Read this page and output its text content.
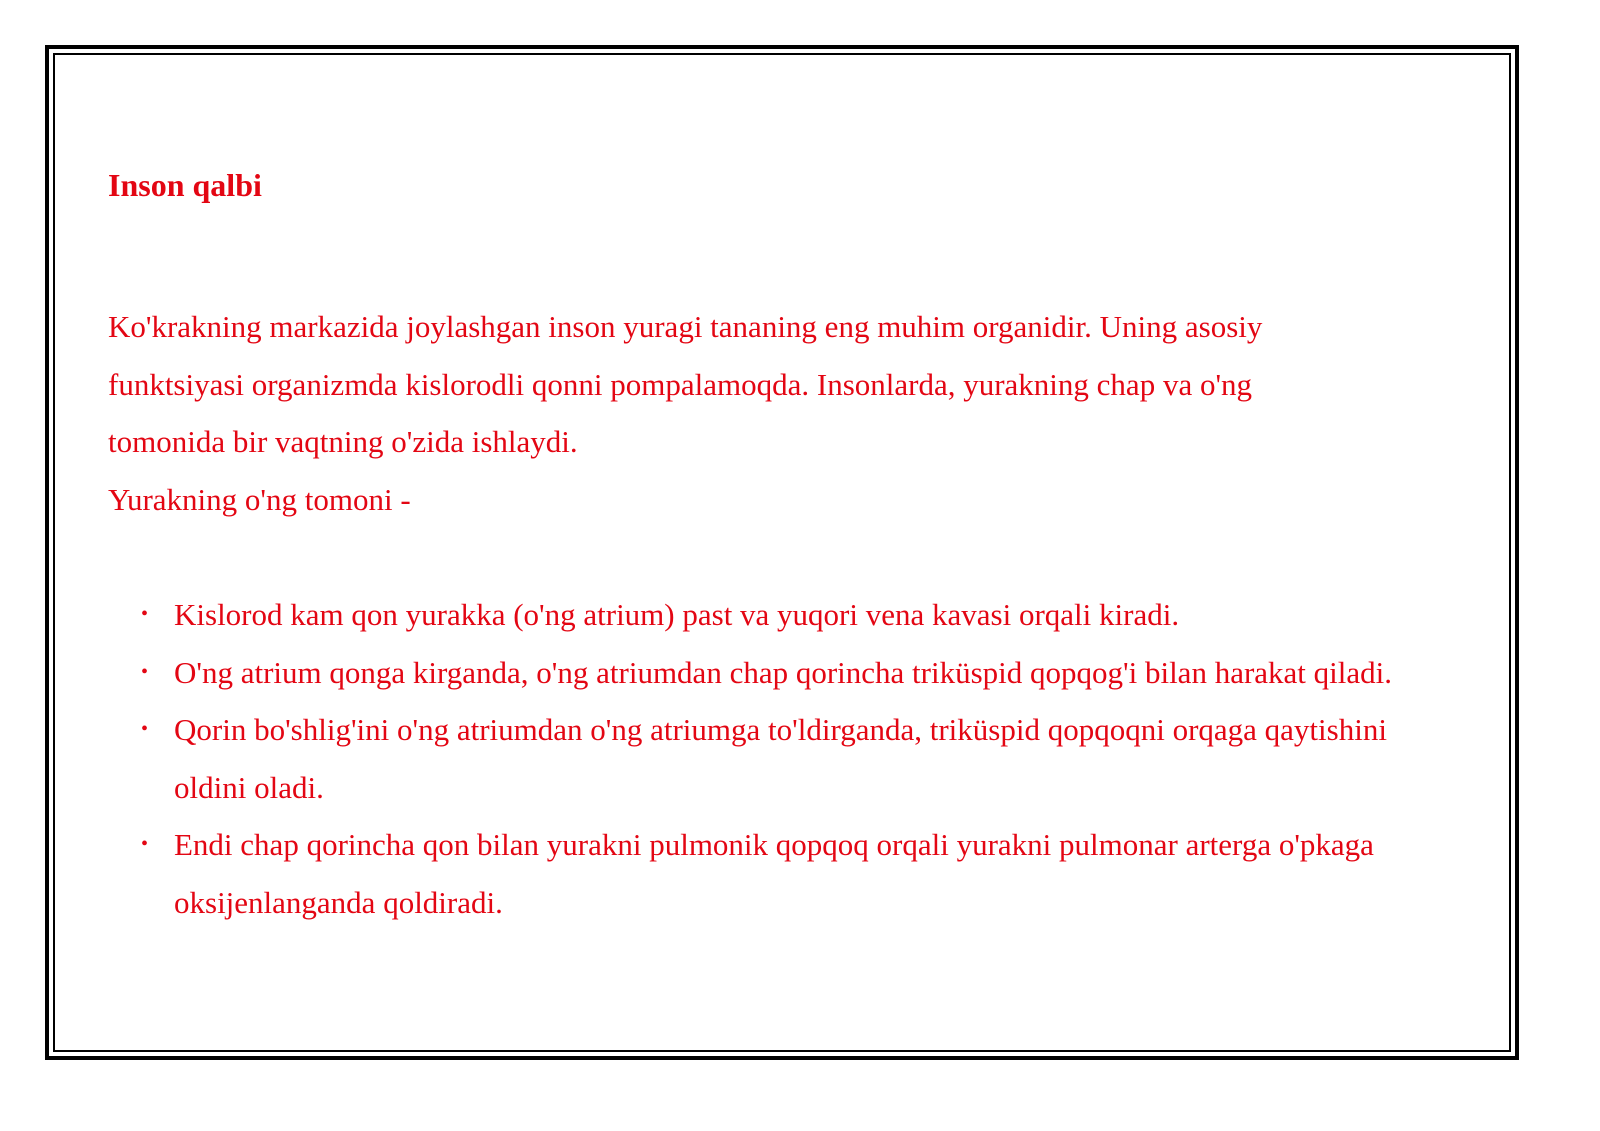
Inson qalbi

Ko'krakning markazida joylashgan inson yuragi tananing eng muhim organidir. Uning asosiy
funktsiyasi organizmda kislorodli qonni pompalamoqda. Insonlarda, yurakning chap va o'ng
tomonida bir vaqtning o'zida ishlaydi.

Yurakning o'ng tomoni -

• Kislorod kam qon yurakka (o'ng atrium) past va yuqori vena kavasi orqali kiradi.
• O'ng atrium qonga kirganda, o'ng atriumdan chap qorincha triküspid qopqog'i bilan harakat qiladi.
• Qorin bo'shlig'ini o'ng atriumdan o'ng atriumga to'ldirganda, triküspid qopqoqni orqaga qaytishini oldini oladi.
• Endi chap qorincha qon bilan yurakni pulmonik qopqoq orqali yurakni pulmonar arterga o'pkaga oksijenlanganda qoldiradi.
